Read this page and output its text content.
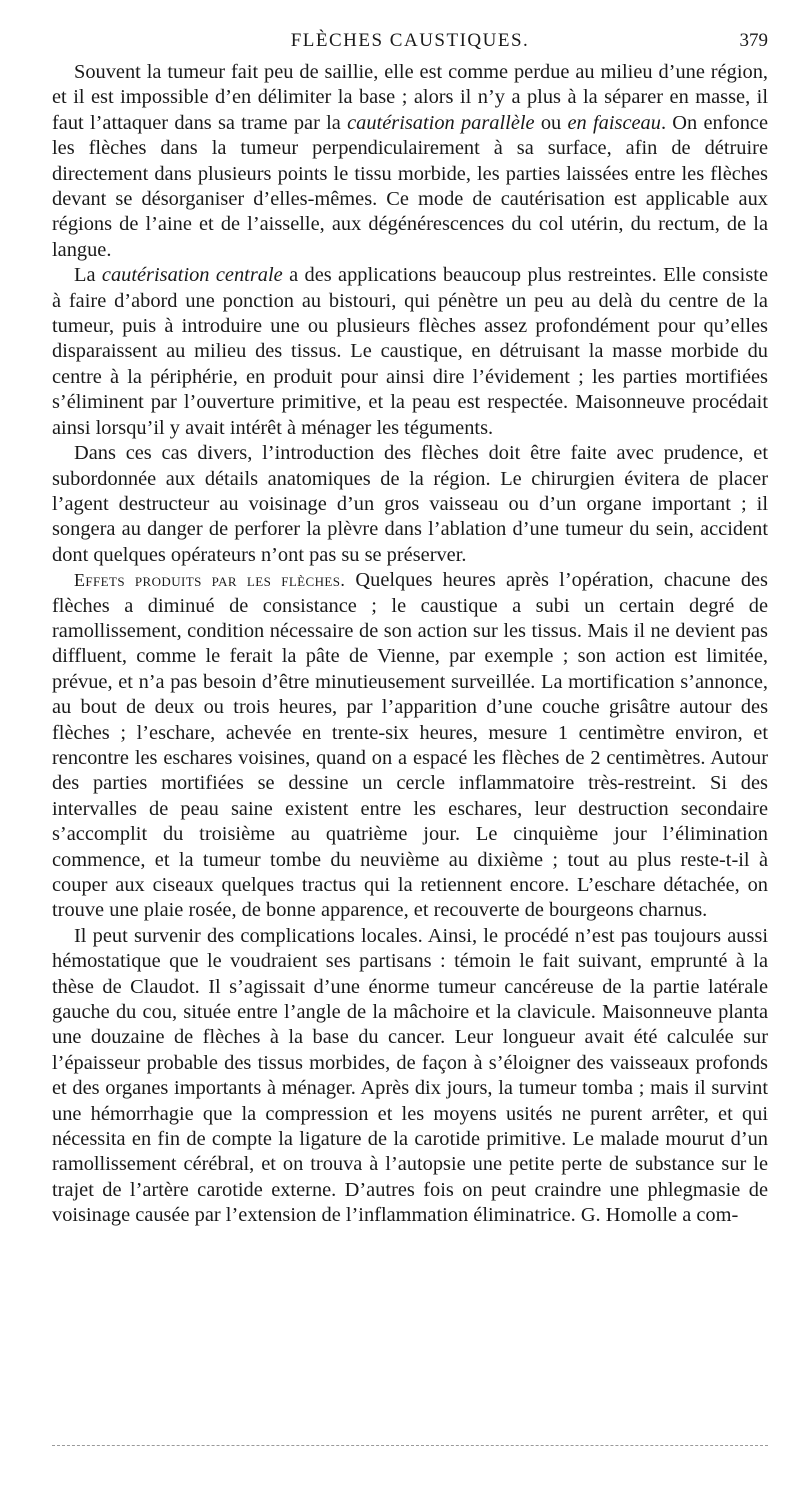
FLÈCHES CAUSTIQUES.	379

Souvent la tumeur fait peu de saillie, elle est comme perdue au milieu d’une région, et il est impossible d’en délimiter la base ; alors il n’y a plus à la séparer en masse, il faut l’attaquer dans sa trame par la cautérisation parallèle ou en faisceau. On enfonce les flèches dans la tumeur perpendiculairement à sa surface, afin de détruire directement dans plusieurs points le tissu morbide, les parties laissées entre les flèches devant se désorganiser d’elles-mêmes. Ce mode de cautérisation est applicable aux régions de l’aine et de l’aisselle, aux dégénérescences du col utérin, du rectum, de la langue.

La cautérisation centrale a des applications beaucoup plus restreintes. Elle consiste à faire d’abord une ponction au bistouri, qui pénètre un peu au delà du centre de la tumeur, puis à introduire une ou plusieurs flèches assez profondément pour qu’elles disparaissent au milieu des tissus. Le caustique, en détruisant la masse morbide du centre à la périphérie, en produit pour ainsi dire l’évidement ; les parties mortifiées s’éliminent par l’ouverture primitive, et la peau est respectée. Maisonneuve procédait ainsi lorsqu’il y avait intérêt à ménager les téguments.

Dans ces cas divers, l’introduction des flèches doit être faite avec prudence, et subordonnée aux détails anatomiques de la région. Le chirurgien évitera de placer l’agent destructeur au voisinage d’un gros vaisseau ou d’un organe important ; il songera au danger de perforer la plèvre dans l’ablation d’une tumeur du sein, accident dont quelques opérateurs n’ont pas su se préserver.

Effets produits par les flèches. Quelques heures après l’opération, chacune des flèches a diminué de consistance ; le caustique a subi un certain degré de ramollissement, condition nécessaire de son action sur les tissus. Mais il ne devient pas diffluent, comme le ferait la pâte de Vienne, par exemple ; son action est limitée, prévue, et n’a pas besoin d’être minutieusement surveillée. La mortification s’annonce, au bout de deux ou trois heures, par l’apparition d’une couche grisâtre autour des flèches ; l’eschare, achevée en trente-six heures, mesure 1 centimètre environ, et rencontre les eschares voisines, quand on a espacé les flèches de 2 centimètres. Autour des parties mortifiées se dessine un cercle inflammatoire très-restreint. Si des intervalles de peau saine existent entre les eschares, leur destruction secondaire s’accomplit du troisième au quatrième jour. Le cinquième jour l’élimination commence, et la tumeur tombe du neuvième au dixième ; tout au plus reste-t-il à couper aux ciseaux quelques tractus qui la retiennent encore. L’eschare détachée, on trouve une plaie rosée, de bonne apparence, et recouverte de bourgeons charnus.

Il peut survenir des complications locales. Ainsi, le procédé n’est pas toujours aussi hémostatique que le voudraient ses partisans : témoin le fait suivant, emprunté à la thèse de Claudot. Il s’agissait d’une énorme tumeur cancéreuse de la partie latérale gauche du cou, située entre l’angle de la mâchoire et la clavicule. Maisonneuve planta une douzaine de flèches à la base du cancer. Leur longueur avait été calculée sur l’épaisseur probable des tissus morbides, de façon à s’éloigner des vaisseaux profonds et des organes importants à ménager. Après dix jours, la tumeur tomba ; mais il survint une hémorrhagie que la compression et les moyens usités ne purent arrêter, et qui nécessita en fin de compte la ligature de la carotide primitive. Le malade mourut d’un ramollissement cérébral, et on trouva à l’autopsie une petite perte de substance sur le trajet de l’artère carotide externe. D’autres fois on peut craindre une phlegmasie de voisinage causée par l’extension de l’inflammation éliminatrice. G. Homolle a com-
